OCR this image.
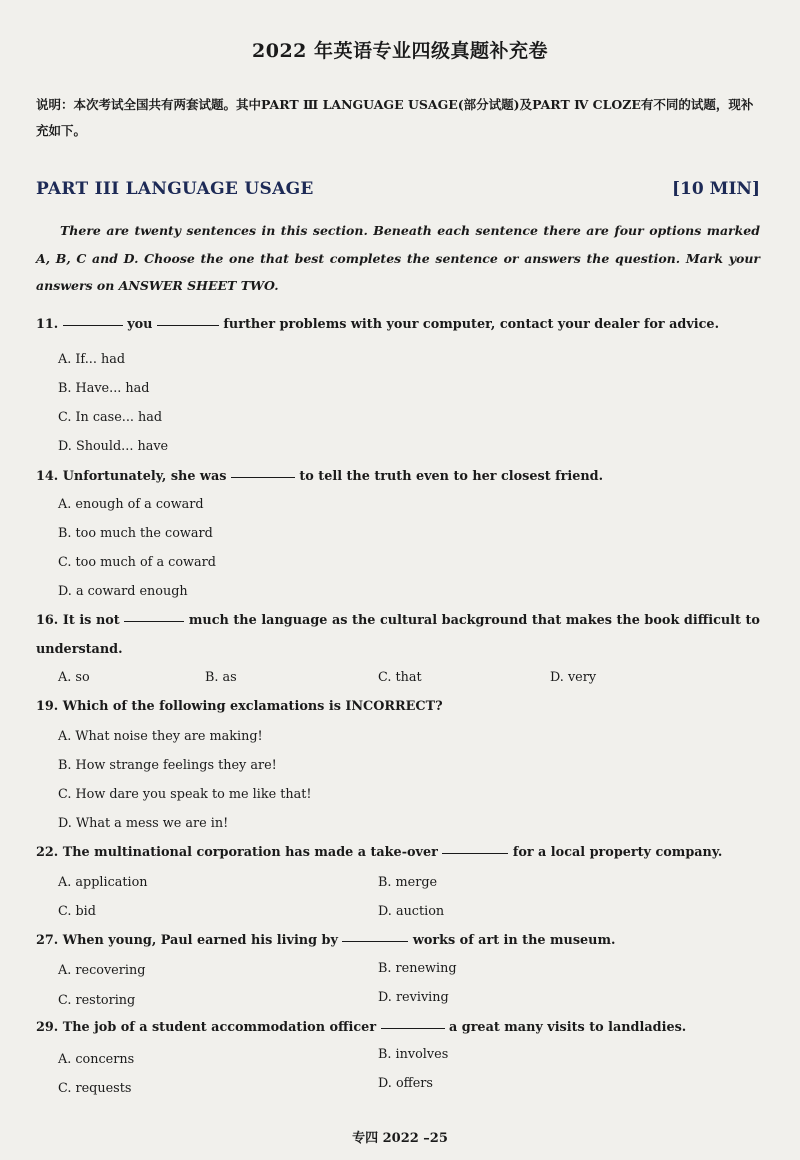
2022 年英语专业四级真题补充卷
说明：本次考试全国共有两套试题。其中PART Ⅲ LANGUAGE USAGE(部分试题)及PART Ⅳ CLOZE有不同的试题，现补充如下。
PART III LANGUAGE USAGE	[10 MIN]
There are twenty sentences in this section. Beneath each sentence there are four options marked A, B, C and D. Choose the one that best completes the sentence or answers the question. Mark your answers on ANSWER SHEET TWO.
11.	you	further problems with your computer, contact your dealer for advice.
A. If... had
B. Have... had
C. In case... had
D. Should... have
14. Unfortunately, she was	to tell the truth even to her closest friend.
A. enough of a coward
B. too much the coward
C. too much of a coward
D. a coward enough
16. It is not	much the language as the cultural background that makes the book difficult to understand.
A. so	B. as	C. that	D. very
19. Which of the following exclamations is INCORRECT?
A. What noise they are making!
B. How strange feelings they are!
C. How dare you speak to me like that!
D. What a mess we are in!
22. The multinational corporation has made a take-over	for a local property company.
A. application	B. merge
C. bid	D. auction
27. When young, Paul earned his living by	works of art in the museum.
A. recovering	B. renewing
C. restoring	D. reviving
29. The job of a student accommodation officer	a great many visits to landladies.
A. concerns	B. involves
C. requests	D. offers
专四 2022 –25
